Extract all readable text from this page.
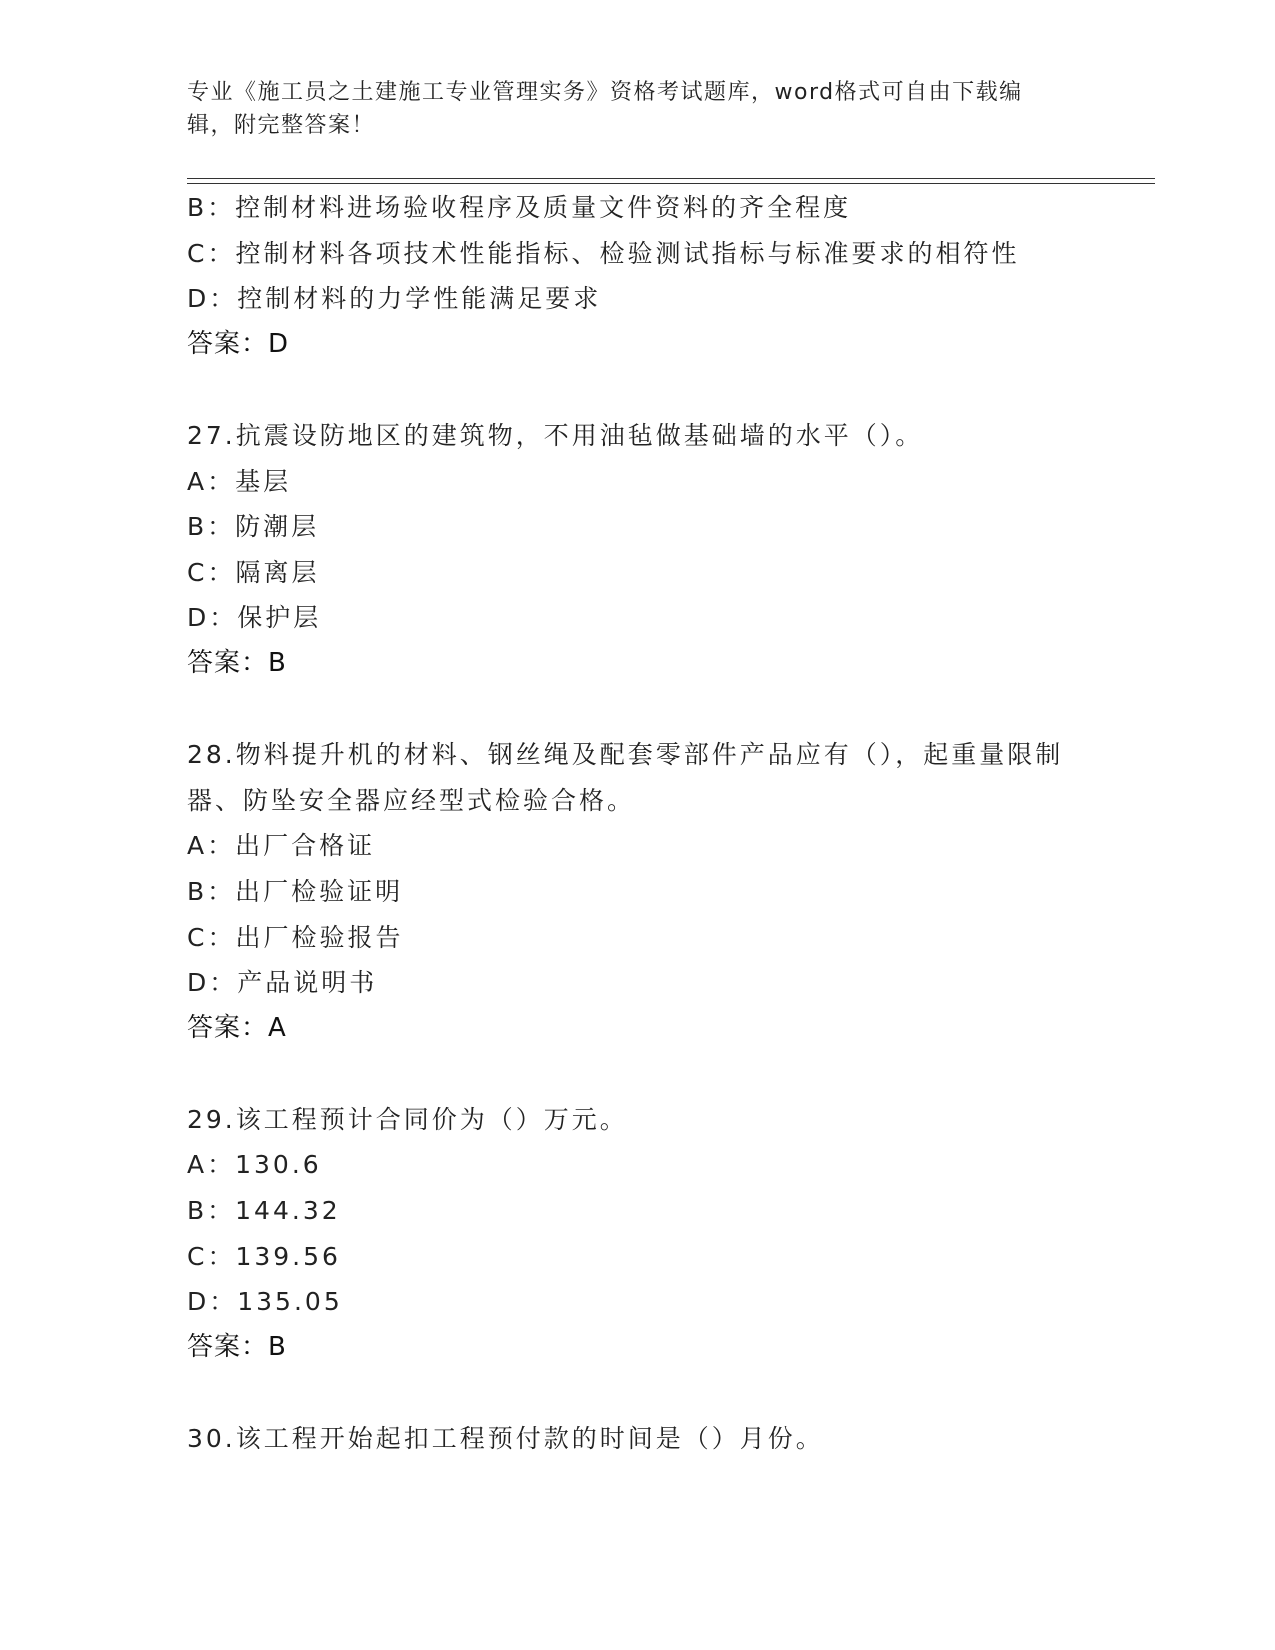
专业《施工员之土建施工专业管理实务》资格考试题库，word格式可自由下载编辑，附完整答案！
B：控制材料进场验收程序及质量文件资料的齐全程度
C：控制材料各项技术性能指标、检验测试指标与标准要求的相符性
D：控制材料的力学性能满足要求
答案：D
27.抗震设防地区的建筑物，不用油毡做基础墙的水平（）。
A：基层
B：防潮层
C：隔离层
D：保护层
答案：B
28.物料提升机的材料、钢丝绳及配套零部件产品应有（），起重量限制器、防坠安全器应经型式检验合格。
A：出厂合格证
B：出厂检验证明
C：出厂检验报告
D：产品说明书
答案：A
29.该工程预计合同价为（）万元。
A：130.6
B：144.32
C：139.56
D：135.05
答案：B
30.该工程开始起扣工程预付款的时间是（）月份。
